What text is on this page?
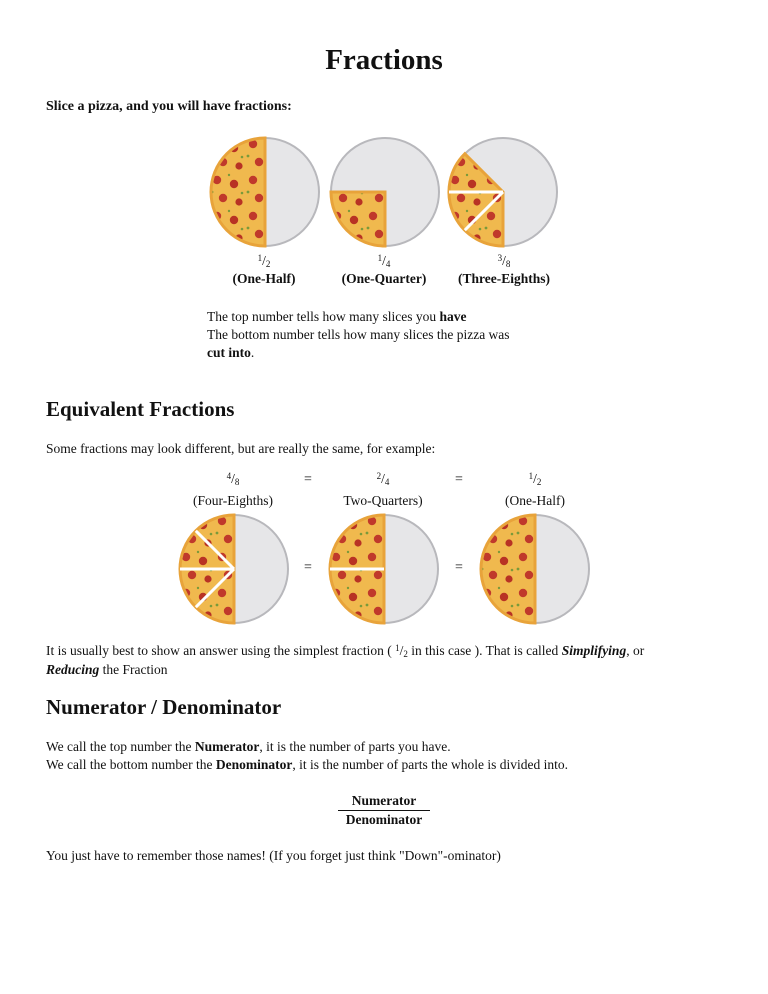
Fractions
Slice a pizza, and you will have fractions:
$^1$/2
(One-Half)
$^1$/4
(One-Quarter)
$^3$/8
(Three-Eighths)
The top number tells how many slices you have
The bottom number tells how many slices the pizza was
cut into.
Equivalent Fractions
Some fractions may look different, but are really the same, for example:
$^4$/8
(Four-Eighths)
=	$^2$/4
Two-Quarters)
=	$^1$/2
(One-Half)
=	=
It is usually best to show an answer using the simplest fraction ( $^1$/2 in this case ). That is called Simplifying, or
Reducing the Fraction
Numerator / Denominator
We call the top number the Numerator, it is the number of parts you have.
We call the bottom number the Denominator, it is the number of parts the whole is divided into.
Numerator
Denominator
You just have to remember those names! (If you forget just think "Down"-ominator)
